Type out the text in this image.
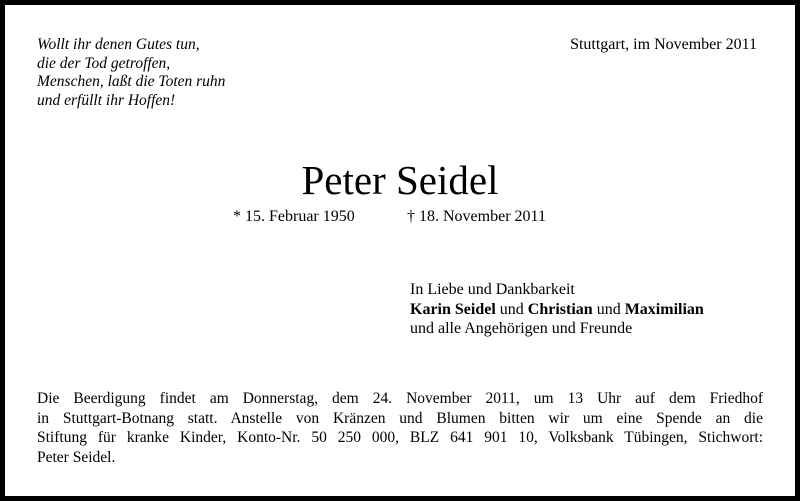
Wollt ihr denen Gutes tun,
die der Tod getroffen,
Menschen, laßt die Toten ruhn
und erfüllt ihr Hoffen!
Stuttgart, im November 2011
Peter Seidel
* 15. Februar 1950	† 18. November 2011
In Liebe und Dankbarkeit
Karin Seidel und Christian und Maximilian
und alle Angehörigen und Freunde
Die Beerdigung findet am Donnerstag, dem 24. November 2011, um 13 Uhr auf dem Friedhof
in Stuttgart-Botnang statt. Anstelle von Kränzen und Blumen bitten wir um eine Spende an die
Stiftung für kranke Kinder, Konto-Nr. 50 250 000, BLZ 641 901 10, Volksbank Tübingen, Stichwort:
Peter Seidel.
